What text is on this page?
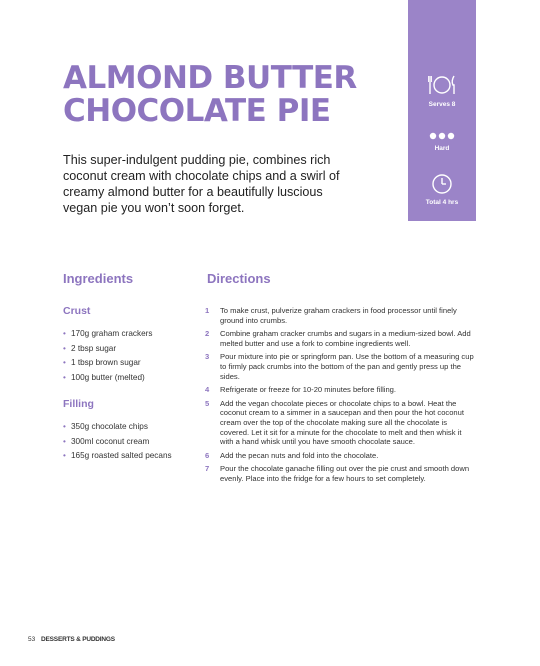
ALMOND BUTTER
CHOCOLATE PIE

This super-indulgent pudding pie, combines rich coconut cream with chocolate chips and a swirl of creamy almond butter for a beautifully luscious vegan pie you won’t soon forget.

Serves 8
Hard
Total 4 hrs
Ingredients	Directions
Crust
• 170g graham crackers
• 2 tbsp sugar
• 1 tbsp brown sugar
• 100g butter (melted)
Filling
• 350g chocolate chips
• 300ml coconut cream
• 165g roasted salted pecans
1 To make crust, pulverize graham crackers in food processor until finely ground into crumbs.
2 Combine graham cracker crumbs and sugars in a medium-sized bowl. Add melted butter and use a fork to combine ingredients well.
3 Pour mixture into pie or springform pan. Use the bottom of a measuring cup to firmly pack crumbs into the bottom of the pan and gently press up the sides.
4 Refrigerate or freeze for 10-20 minutes before filling.
5 Add the vegan chocolate pieces or chocolate chips to a bowl. Heat the coconut cream to a simmer in a saucepan and then pour the hot coconut cream over the top of the chocolate making sure all the chocolate is covered. Let it sit for a minute for the chocolate to melt and then whisk it with a hand whisk until you have smooth chocolate sauce.
6 Add the pecan nuts and fold into the chocolate.
7 Pour the chocolate ganache filling out over the pie crust and smooth down evenly. Place into the fridge for a few hours to set completely.
53 DESSERTS & PUDDINGS
